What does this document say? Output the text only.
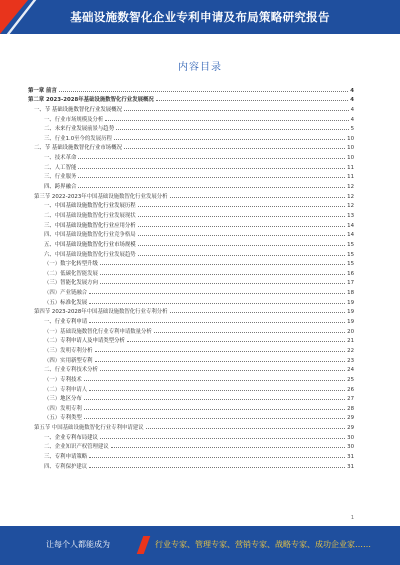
基础设施数智化企业专利申请及布局策略研究报告
内容目录
第一章 前言	4
第二章 2023-2028年基础设施数智化行业发展概况	4
一、节 基础设施数智化行业发展概况	4
一、行业市场规模及分析	4
二、未来行业发展前景与趋势	5
三、行业1.0至今的发展历程	10
二、节 基础设施数智化行业市场概况	10
一、技术革命	10
二、人工智能	11
三、行业服务	11
四、跨界融合	12
第三节 2022-2023年中国基础设施数智化行业发展分析	12
一、中国基础设施数智化行业发展历程	12
二、中国基础设施数智化行业发展现状	13
三、中国基础设施数智化行业应用分析	14
四、中国基础设施数智化行业竞争格局	14
五、中国基础设施数智化行业市场规模	15
六、中国基础设施数智化行业发展趋势	15
（一）数字化转型升级	15
（二）低碳化智能发展	16
（三）智能化发展方向	17
（四）产业链融合	18
（五）标准化发展	19
第四节 2023-2028年中国基础设施数智化行业专利分析	19
一、行业专利申请	19
（一）基础设施数智化行业专利申请数量分析	20
（二）专利申请人及申请类型分析	21
（三）发明专利分析	22
（四）实用新型专利	23
二、行业专利技术分析	24
（一）专利技术	25
（二）专利申请人	26
（三）地区分布	27
（四）发明专利	28
（五）专利类型	29
第五节 中国基础设施数智化行业专利申请建议	29
一、企业专利布局建议	30
二、企业知识产权管理建议	30
三、专利申请策略	31
四、专利保护建议	31
1
让每个人都能成为	行业专家、管理专家、营销专家、战略专家、成功企业家……
